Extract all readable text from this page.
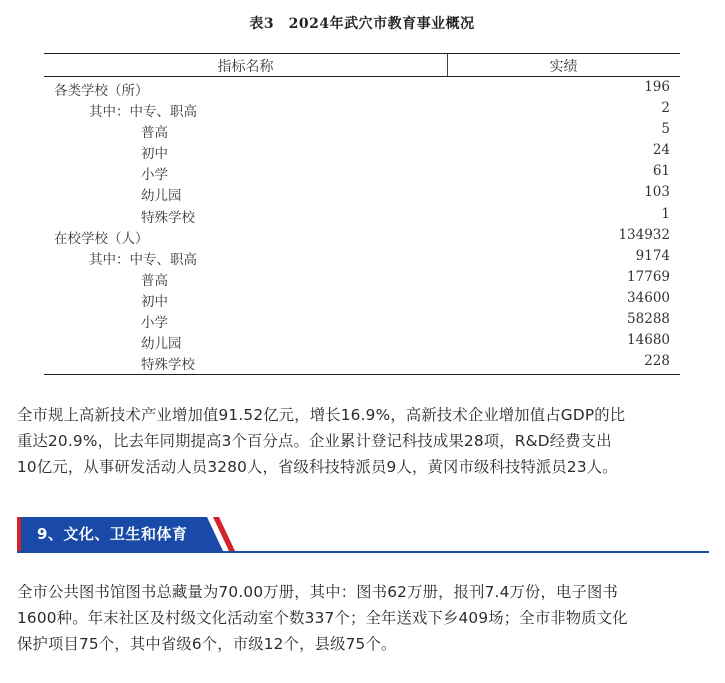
表3　2024年武穴市教育事业概况
指标名称	实绩
各类学校（所）	196
其中：中专、职高	2
普高	5
初中	24
小学	61
幼儿园	103
特殊学校	1
在校学校（人）	134932
其中：中专、职高	9174
普高	17769
初中	34600
小学	58288
幼儿园	14680
特殊学校	228
全市规上高新技术产业增加值91.52亿元，增长16.9%，高新技术企业增加值占GDP的比
重达20.9%，比去年同期提高3个百分点。企业累计登记科技成果28项，R&D经费支出
10亿元，从事研发活动人员3280人，省级科技特派员9人，黄冈市级科技特派员23人。
9、文化、卫生和体育
全市公共图书馆图书总藏量为70.00万册，其中：图书62万册，报刊7.4万份，电子图书
1600种。年末社区及村级文化活动室个数337个；全年送戏下乡409场；全市非物质文化
保护项目75个，其中省级6个，市级12个，县级75个。
